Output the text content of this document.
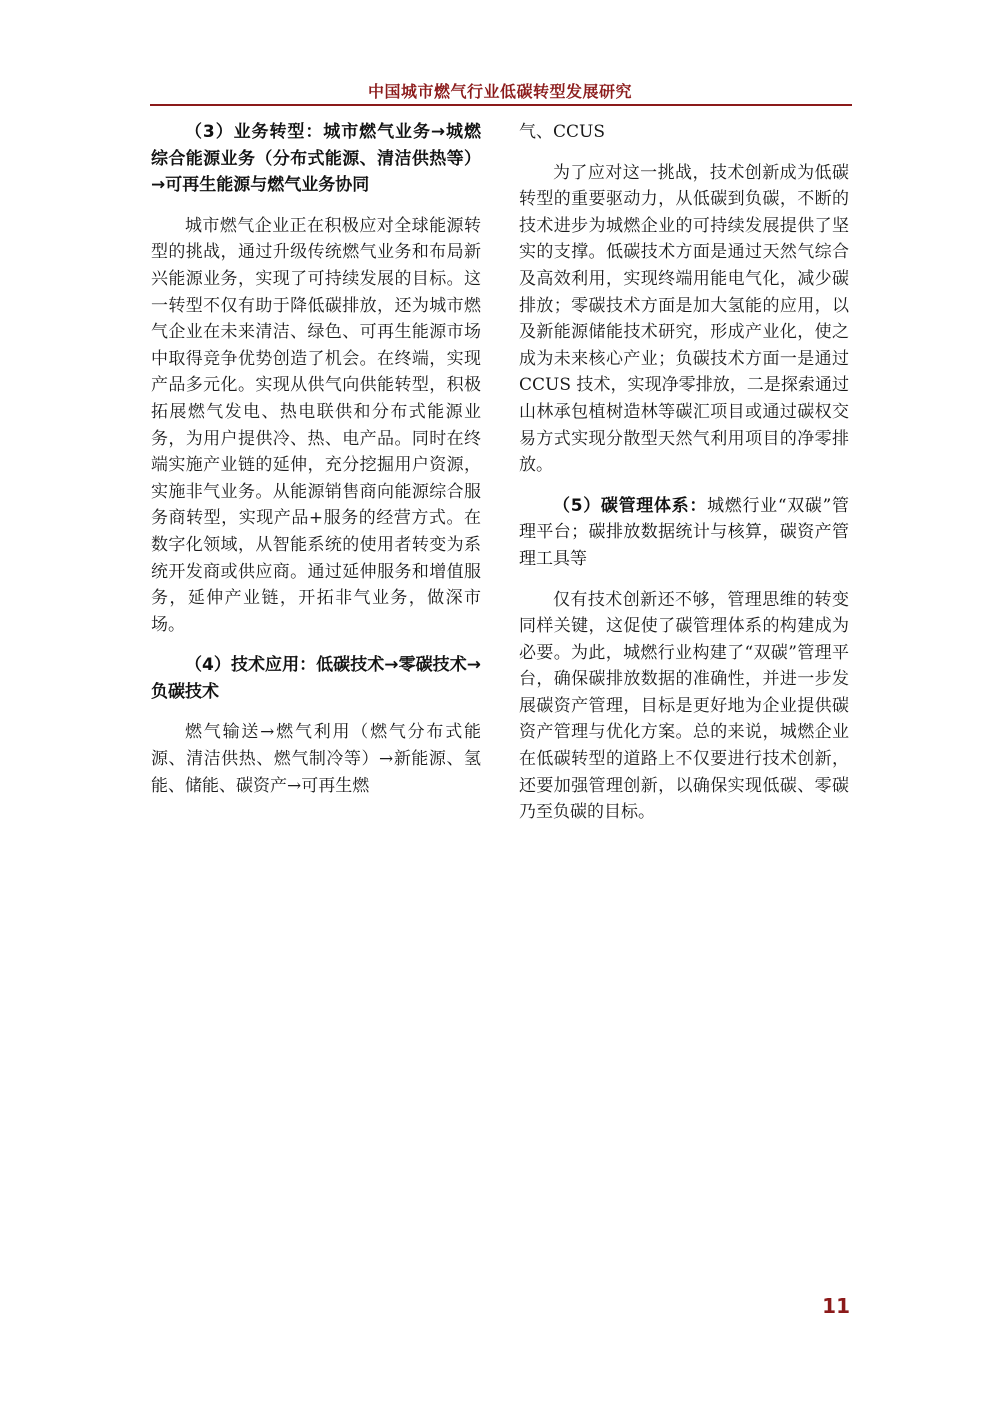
中国城市燃气行业低碳转型发展研究

（3）业务转型：城市燃气业务→城燃综合能源业务（分布式能源、清洁供热等）→可再生能源与燃气业务协同

城市燃气企业正在积极应对全球能源转型的挑战，通过升级传统燃气业务和布局新兴能源业务，实现了可持续发展的目标。这一转型不仅有助于降低碳排放，还为城市燃气企业在未来清洁、绿色、可再生能源市场中取得竞争优势创造了机会。在终端，实现产品多元化。实现从供气向供能转型，积极拓展燃气发电、热电联供和分布式能源业务，为用户提供冷、热、电产品。同时在终端实施产业链的延伸，充分挖掘用户资源，实施非气业务。从能源销售商向能源综合服务商转型，实现产品+服务的经营方式。在数字化领域，从智能系统的使用者转变为系统开发商或供应商。通过延伸服务和增值服务，延伸产业链，开拓非气业务，做深市场。

（4）技术应用：低碳技术→零碳技术→负碳技术

燃气输送→燃气利用（燃气分布式能源、清洁供热、燃气制冷等）→新能源、氢能、储能、碳资产→可再生燃

气、CCUS

为了应对这一挑战，技术创新成为低碳转型的重要驱动力，从低碳到负碳，不断的技术进步为城燃企业的可持续发展提供了坚实的支撑。低碳技术方面是通过天然气综合及高效利用，实现终端用能电气化，减少碳排放；零碳技术方面是加大氢能的应用，以及新能源储能技术研究，形成产业化，使之成为未来核心产业；负碳技术方面一是通过 CCUS 技术，实现净零排放，二是探索通过山林承包植树造林等碳汇项目或通过碳权交易方式实现分散型天然气利用项目的净零排放。

（5）碳管理体系：城燃行业“双碳”管理平台；碳排放数据统计与核算，碳资产管理工具等

仅有技术创新还不够，管理思维的转变同样关键，这促使了碳管理体系的构建成为必要。为此，城燃行业构建了“双碳”管理平台，确保碳排放数据的准确性，并进一步发展碳资产管理，目标是更好地为企业提供碳资产管理与优化方案。总的来说，城燃企业在低碳转型的道路上不仅要进行技术创新，还要加强管理创新，以确保实现低碳、零碳乃至负碳的目标。

11
